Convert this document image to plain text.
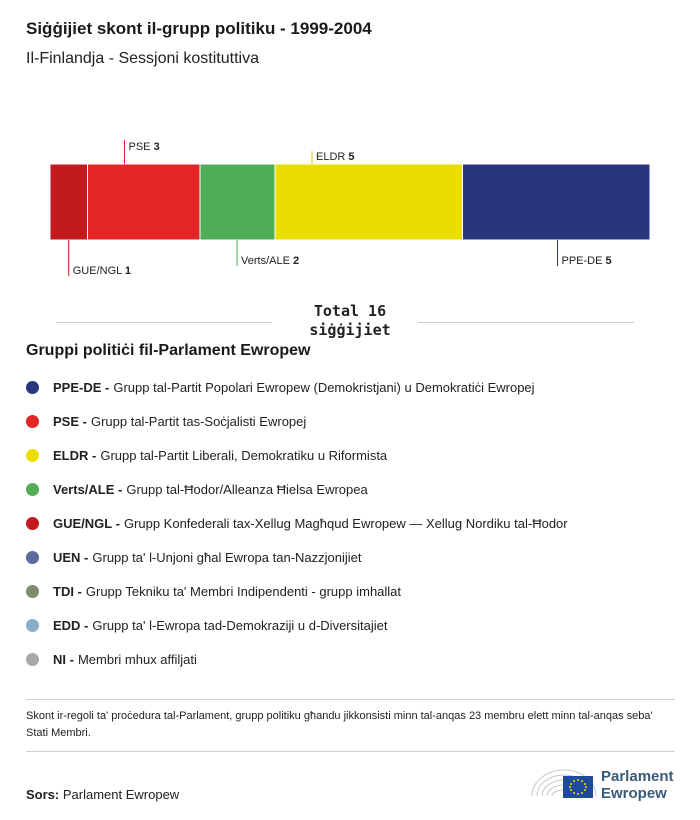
Siġġijiet skont il-grupp politiku - 1999-2004
Il-Finlandja - Sessjoni kostituttiva
GUE/NGL 1
PSE 3
Verts/ALE 2
ELDR 5
PPE-DE 5
Total 16
siġġijiet
Gruppi politiċi fil-Parlament Ewropew
PPE-DE - Grupp tal-Partit Popolari Ewropew (Demokristjani) u Demokratiċi Ewropej
PSE - Grupp tal-Partit tas-Soċjalisti Ewropej
ELDR - Grupp tal-Partit Liberali, Demokratiku u Riformista
Verts/ALE - Grupp tal-Ħodor/Alleanza Ħielsa Ewropea
GUE/NGL - Grupp Konfederali tax-Xellug Magħqud Ewropew — Xellug Nordiku tal-Ħodor
UEN - Grupp ta' l-Unjoni għal Ewropa tan-Nazzjonijiet
TDI - Grupp Tekniku ta' Membri Indipendenti - grupp imhallat
EDD - Grupp ta' l-Ewropa tad-Demokraziji u d-Diversitajiet
NI - Membri mhux affiljati
Skont ir-regoli ta' proċedura tal-Parlament, grupp politiku għandu jikkonsisti minn tal-anqas 23 membru elett minn tal-anqas seba' Stati Membri.
Sors: Parlament Ewropew
Parlament
Ewropew
